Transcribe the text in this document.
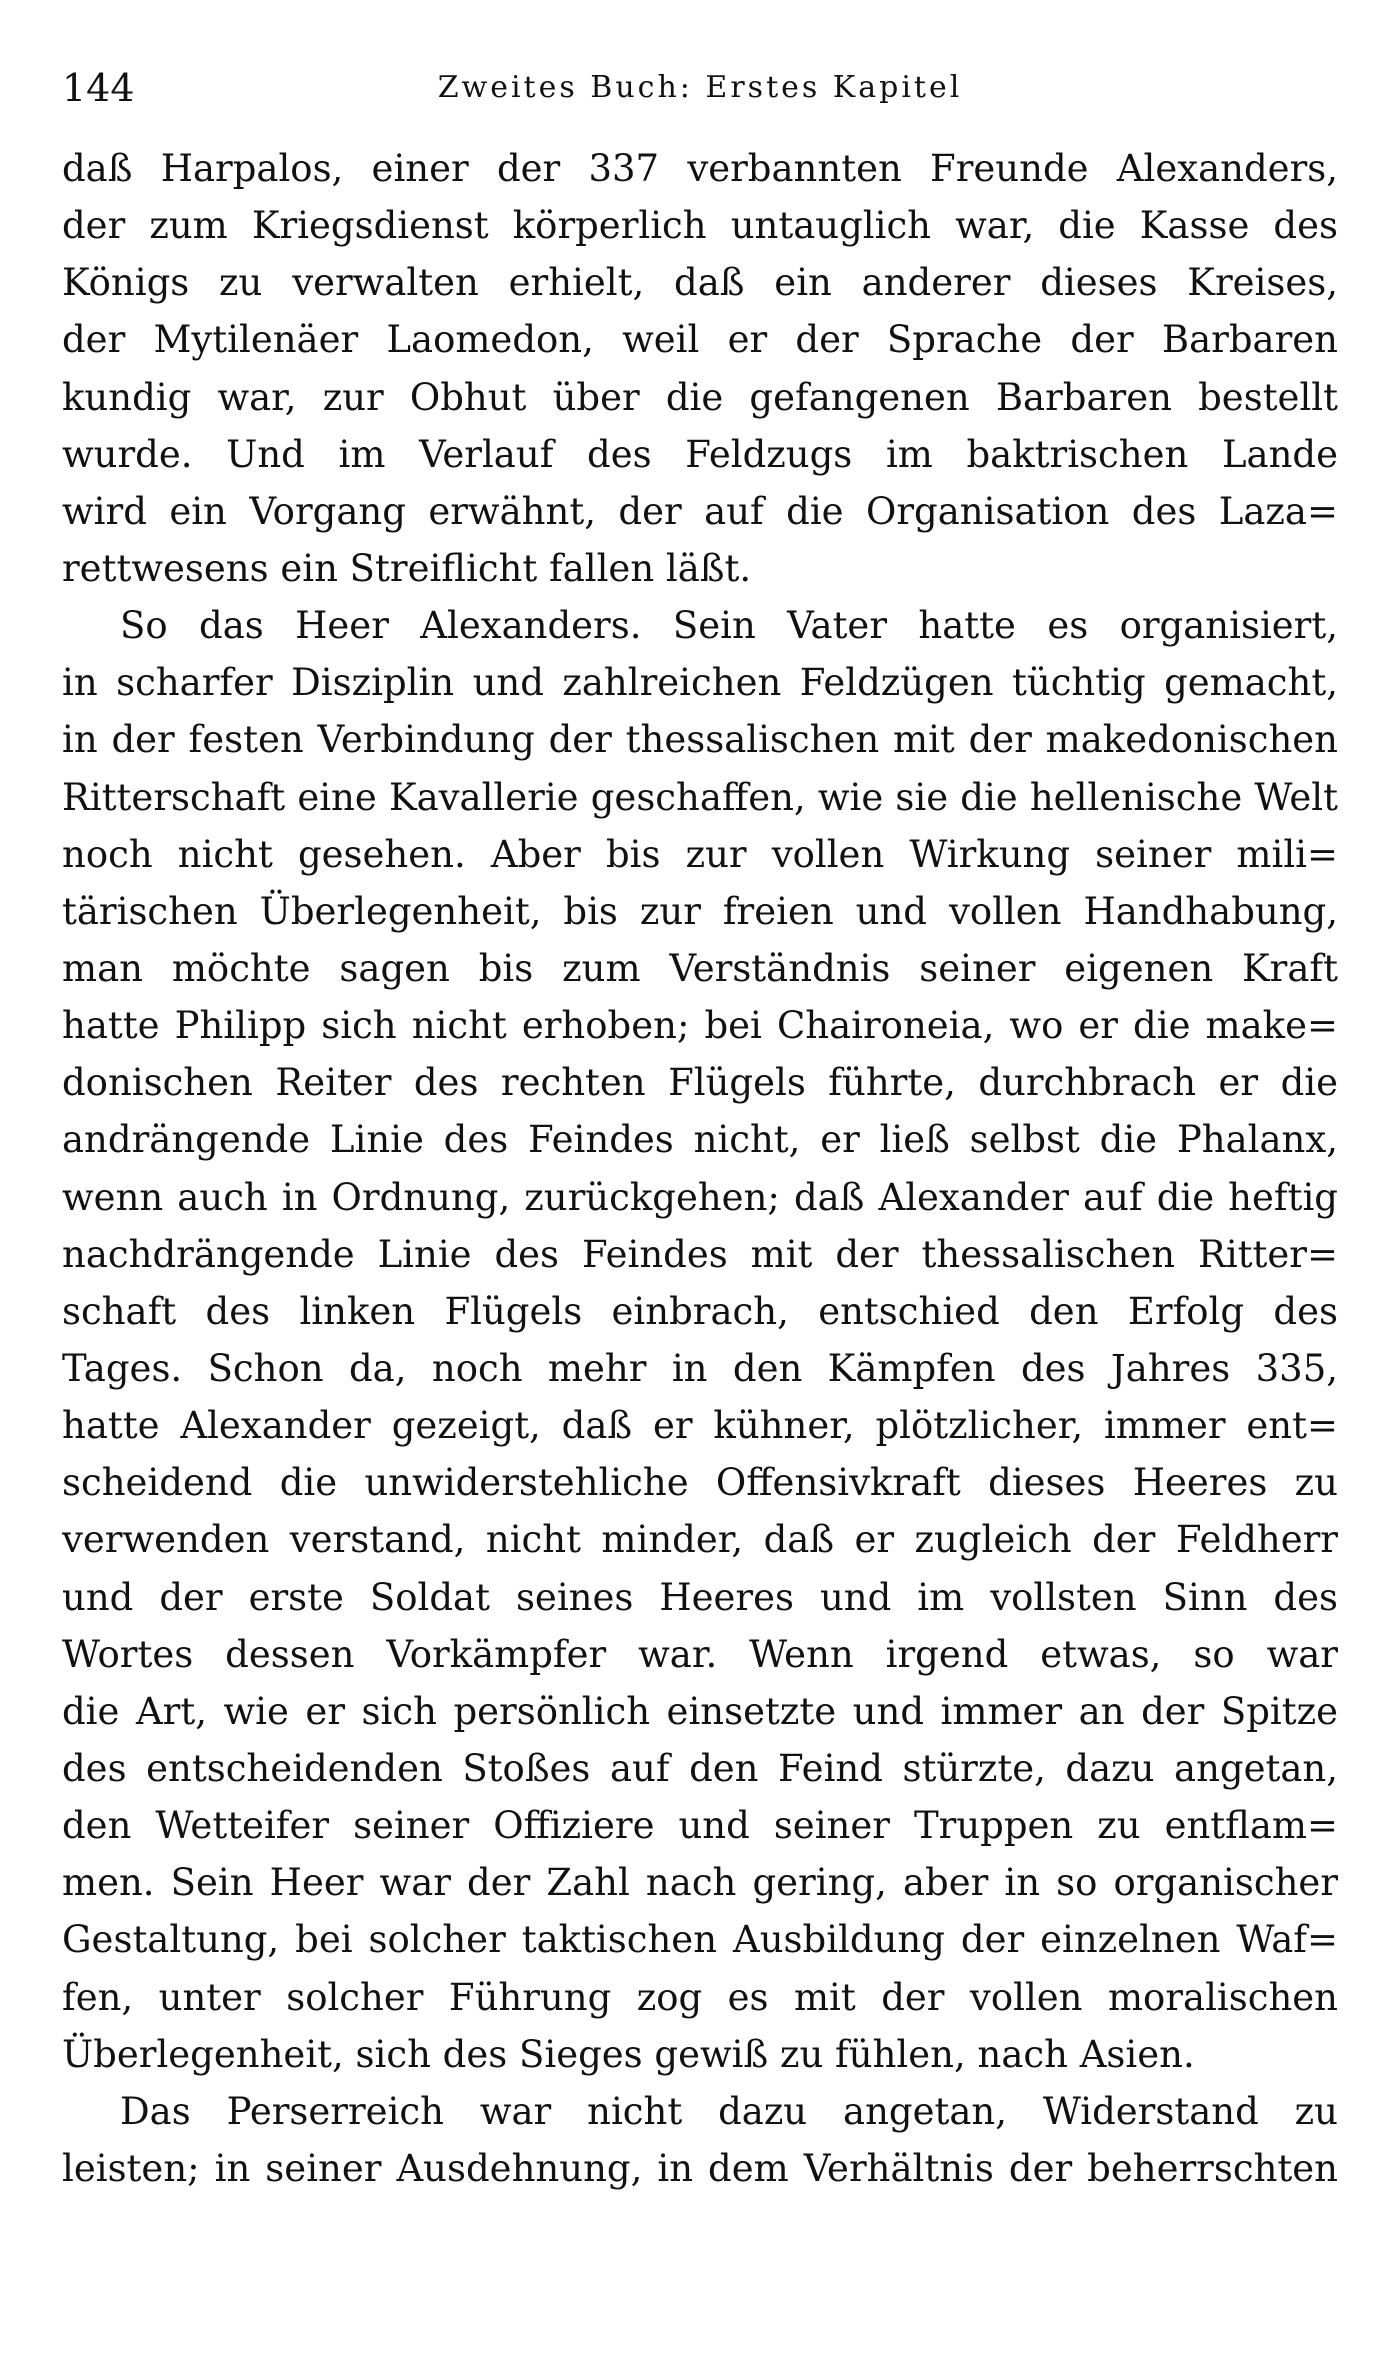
144	Zweites Buch: Erstes Kapitel
daß Harpalos, einer der 337 verbannten Freunde Alexanders,
der zum Kriegsdienst körperlich untauglich war, die Kasse des
Königs zu verwalten erhielt, daß ein anderer dieses Kreises,
der Mytilenäer Laomedon, weil er der Sprache der Barbaren
kundig war, zur Obhut über die gefangenen Barbaren bestellt
wurde. Und im Verlauf des Feldzugs im baktrischen Lande
wird ein Vorgang erwähnt, der auf die Organisation des Laza=
rettwesens ein Streiflicht fallen läßt.
So das Heer Alexanders. Sein Vater hatte es organisiert,
in scharfer Disziplin und zahlreichen Feldzügen tüchtig gemacht,
in der festen Verbindung der thessalischen mit der makedonischen
Ritterschaft eine Kavallerie geschaffen, wie sie die hellenische Welt
noch nicht gesehen. Aber bis zur vollen Wirkung seiner mili=
tärischen Überlegenheit, bis zur freien und vollen Handhabung,
man möchte sagen bis zum Verständnis seiner eigenen Kraft
hatte Philipp sich nicht erhoben; bei Chaironeia, wo er die make=
donischen Reiter des rechten Flügels führte, durchbrach er die
andrängende Linie des Feindes nicht, er ließ selbst die Phalanx,
wenn auch in Ordnung, zurückgehen; daß Alexander auf die heftig
nachdrängende Linie des Feindes mit der thessalischen Ritter=
schaft des linken Flügels einbrach, entschied den Erfolg des
Tages. Schon da, noch mehr in den Kämpfen des Jahres 335,
hatte Alexander gezeigt, daß er kühner, plötzlicher, immer ent=
scheidend die unwiderstehliche Offensivkraft dieses Heeres zu
verwenden verstand, nicht minder, daß er zugleich der Feldherr
und der erste Soldat seines Heeres und im vollsten Sinn des
Wortes dessen Vorkämpfer war. Wenn irgend etwas, so war
die Art, wie er sich persönlich einsetzte und immer an der Spitze
des entscheidenden Stoßes auf den Feind stürzte, dazu angetan,
den Wetteifer seiner Offiziere und seiner Truppen zu entflam=
men. Sein Heer war der Zahl nach gering, aber in so organischer
Gestaltung, bei solcher taktischen Ausbildung der einzelnen Waf=
fen, unter solcher Führung zog es mit der vollen moralischen
Überlegenheit, sich des Sieges gewiß zu fühlen, nach Asien.
Das Perserreich war nicht dazu angetan, Widerstand zu
leisten; in seiner Ausdehnung, in dem Verhältnis der beherrschten
